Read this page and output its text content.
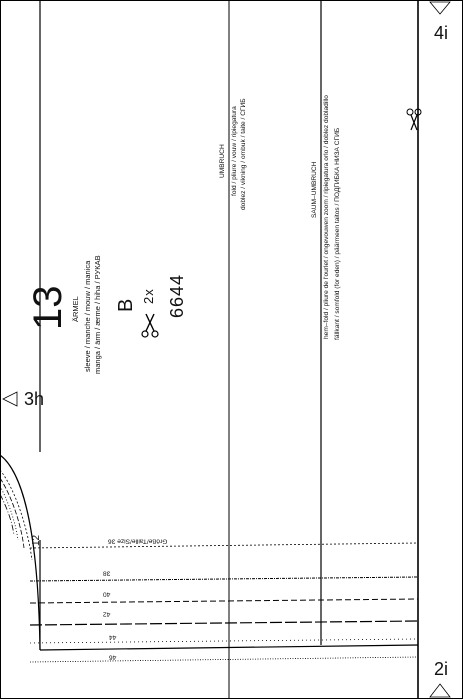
13 ÄRMEL sleeve / manche / mouw / manica manga / ärm / ærme / hiha / РУКАВ B
2x 6644
UMBRUCH fold / pliure / vouw / ripiegatura doblez / vikning / ombuk / taite / СГИБ	SAUM–UMBRUCH hem–fold / pliure de l'ourlet / ongevouwen zoom / ripiegatura orlo / doblez dobladillo fällkant / somfold (for eden) / päärmeen taitos / ПОДГИБКА НИЗА СГИБ
4i
2i
3h
Größe/Taille/Size 36
12
38
40
42
44
46
